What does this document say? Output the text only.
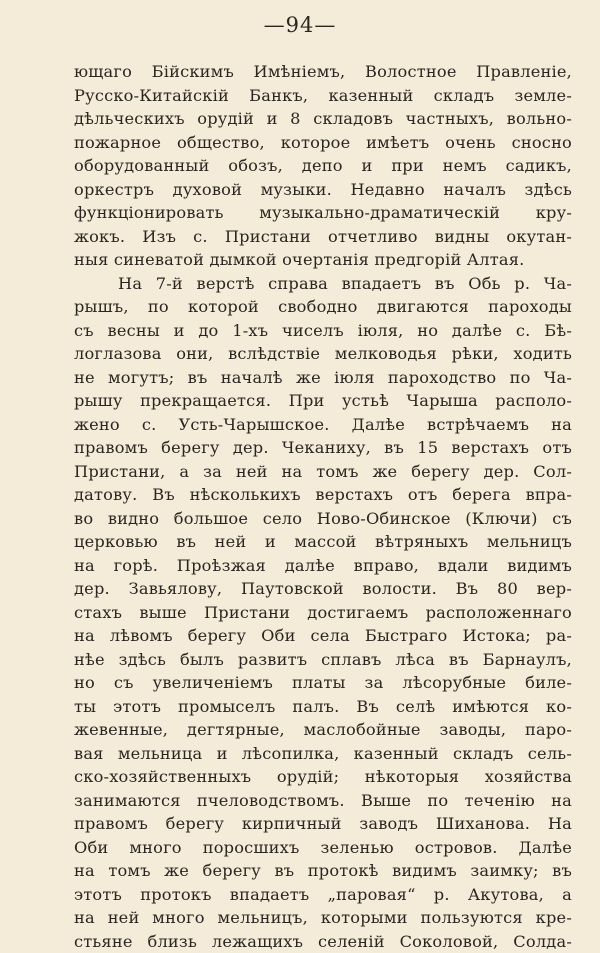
—94—
ющаго Бiйскимъ Имѣнiемъ, Волостное Правленiе,
Русско-Китайскiй Банкъ, казенный складъ земле-
дѣльческихъ орудiй и 8 складовъ частныхъ, вольно-
пожарное общество, которое имѣетъ очень сносно
оборудованный обозъ, депо и при немъ садикъ,
оркестръ духовой музыки. Недавно началъ здѣсь
функцiонировать музыкально-драматическiй кру-
жокъ. Изъ с. Пристани отчетливо видны окутан-
ныя синеватой дымкой очертанiя предгорiй Алтая.
На 7-й верстѣ справа впадаетъ въ Обь р. Ча-
рышъ, по которой свободно двигаются пароходы
съ весны и до 1-хъ чиселъ iюля, но далѣе с. Бѣ-
логлазова они, вслѣдствiе мелководья рѣки, ходить
не могутъ; въ началѣ же iюля пароходство по Ча-
рышу прекращается. При устьѣ Чарыша располо-
жено с. Усть-Чарышское. Далѣе встрѣчаемъ на
правомъ берегу дер. Чеканиху, въ 15 верстахъ отъ
Пристани, а за ней на томъ же берегу дер. Сол-
датову. Въ нѣсколькихъ верстахъ отъ берега впра-
во видно большое село Ново-Обинское (Ключи) съ
церковью въ ней и массой вѣтряныхъ мельницъ
на горѣ. Проѣзжая далѣе вправо, вдали видимъ
дер. Завьялову, Паутовской волости. Въ 80 вер-
стахъ выше Пристани достигаемъ расположеннаго
на лѣвомъ берегу Оби села Быстраго Истока; ра-
нѣе здѣсь былъ развитъ сплавъ лѣса въ Барнаулъ,
но съ увеличенiемъ платы за лѣсорубные биле-
ты этотъ промыселъ палъ. Въ селѣ имѣются ко-
жевенные, дегтярные, маслобойные заводы, паро-
вая мельница и лѣсопилка, казенный складъ сель-
ско-хозяйственныхъ орудiй; нѣкоторыя хозяйства
занимаются пчеловодствомъ. Выше по теченiю на
правомъ берегу кирпичный заводъ Шиханова. На
Оби много поросшихъ зеленью островов. Далѣе
на томъ же берегу въ протокѣ видимъ заимку; въ
этотъ протокъ впадаетъ „паровая“ р. Акутова, а
на ней много мельницъ, которыми пользуются кре-
стьяне близь лежащихъ селенiй Соколовой, Солда-
